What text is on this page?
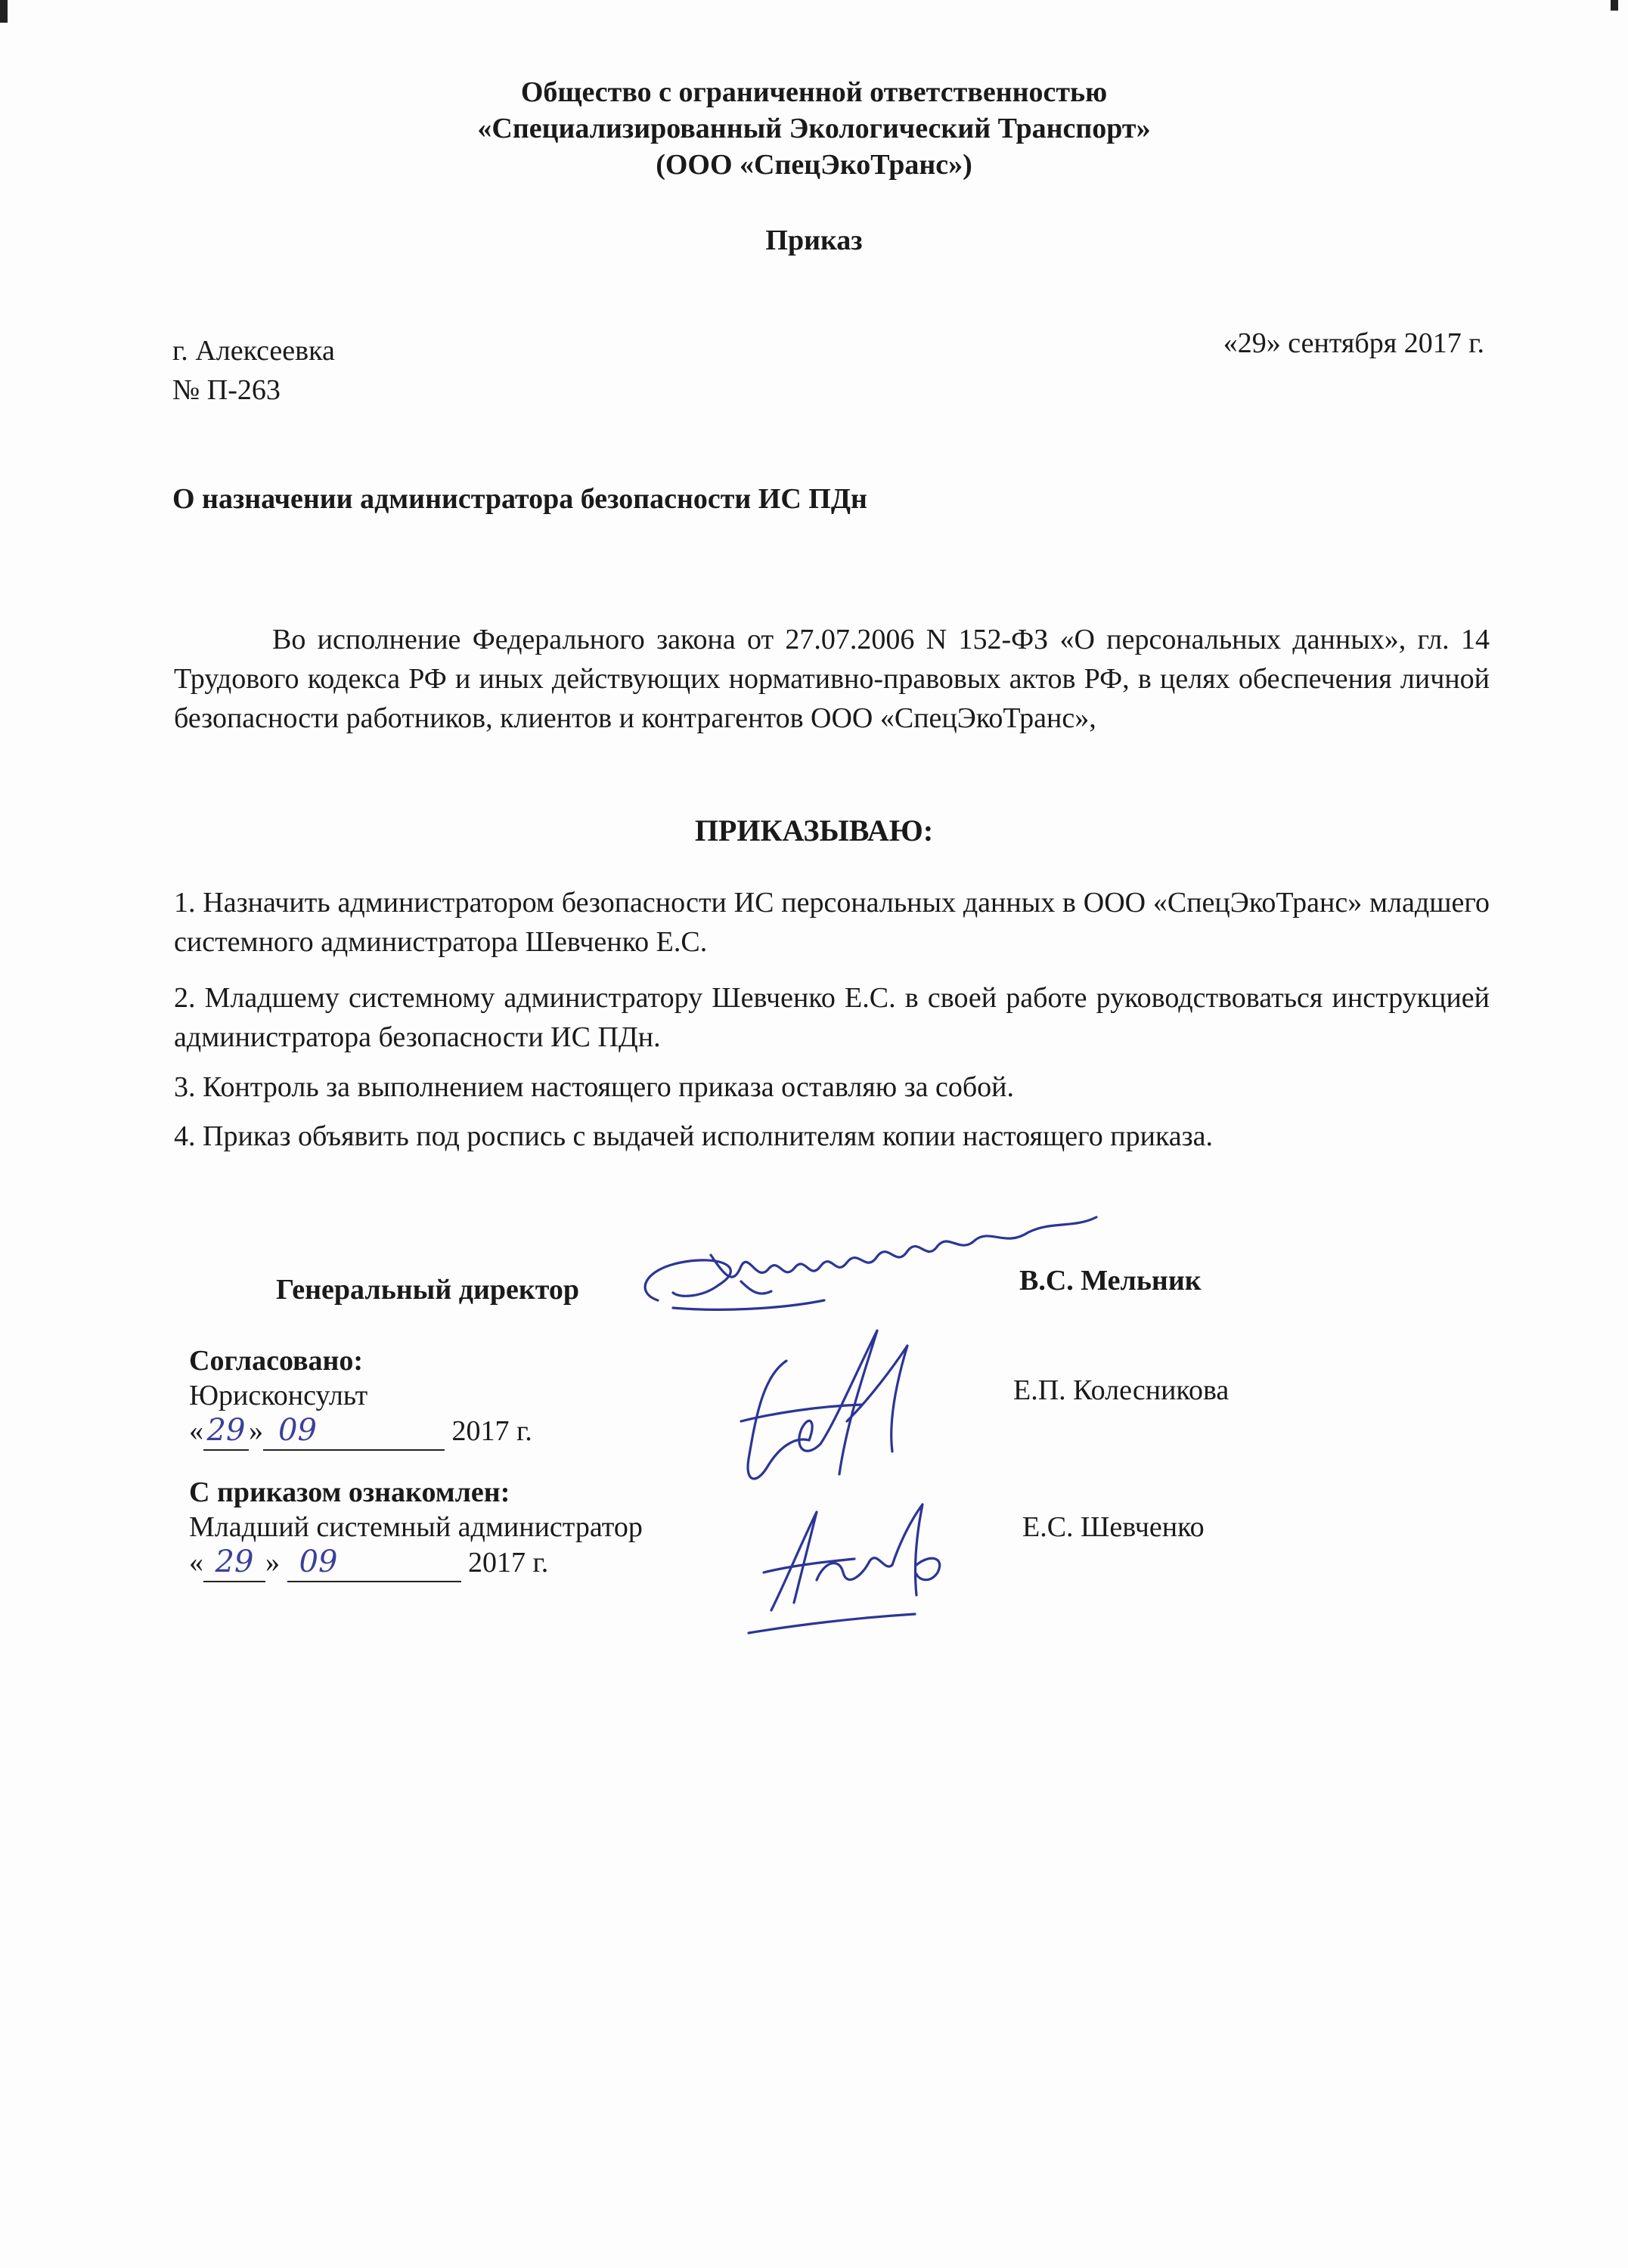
Общество с ограниченной ответственностью
«Специализированный Экологический Транспорт»
(ООО «СпецЭкоТранс»)
Приказ
г. Алексеевка
№ П-263
«29» сентября 2017 г.
О назначении администратора безопасности ИС ПДн
Во исполнение Федерального закона от 27.07.2006 N 152-ФЗ «О персональных данных», гл. 14 Трудового кодекса РФ и иных действующих нормативно-правовых актов РФ, в целях обеспечения личной безопасности работников, клиентов и контрагентов ООО «СпецЭкоТранс»,
ПРИКАЗЫВАЮ:
1. Назначить администратором безопасности ИС персональных данных в ООО «СпецЭкоТранс» младшего системного администратора Шевченко Е.С.
2. Младшему системному администратору Шевченко Е.С. в своей работе руководствоваться инструкцией администратора безопасности ИС ПДн.
3. Контроль за выполнением настоящего приказа оставляю за собой.
4. Приказ объявить под роспись с выдачей исполнителям копии настоящего приказа.
Генеральный директор	В.С. Мельник
Согласовано:
Юрисконсульт	Е.П. Колесникова
« 29 » 09	2017 г.
С приказом ознакомлен:
Младший системный администратор	Е.С. Шевченко
« 29 » 09	2017 г.
